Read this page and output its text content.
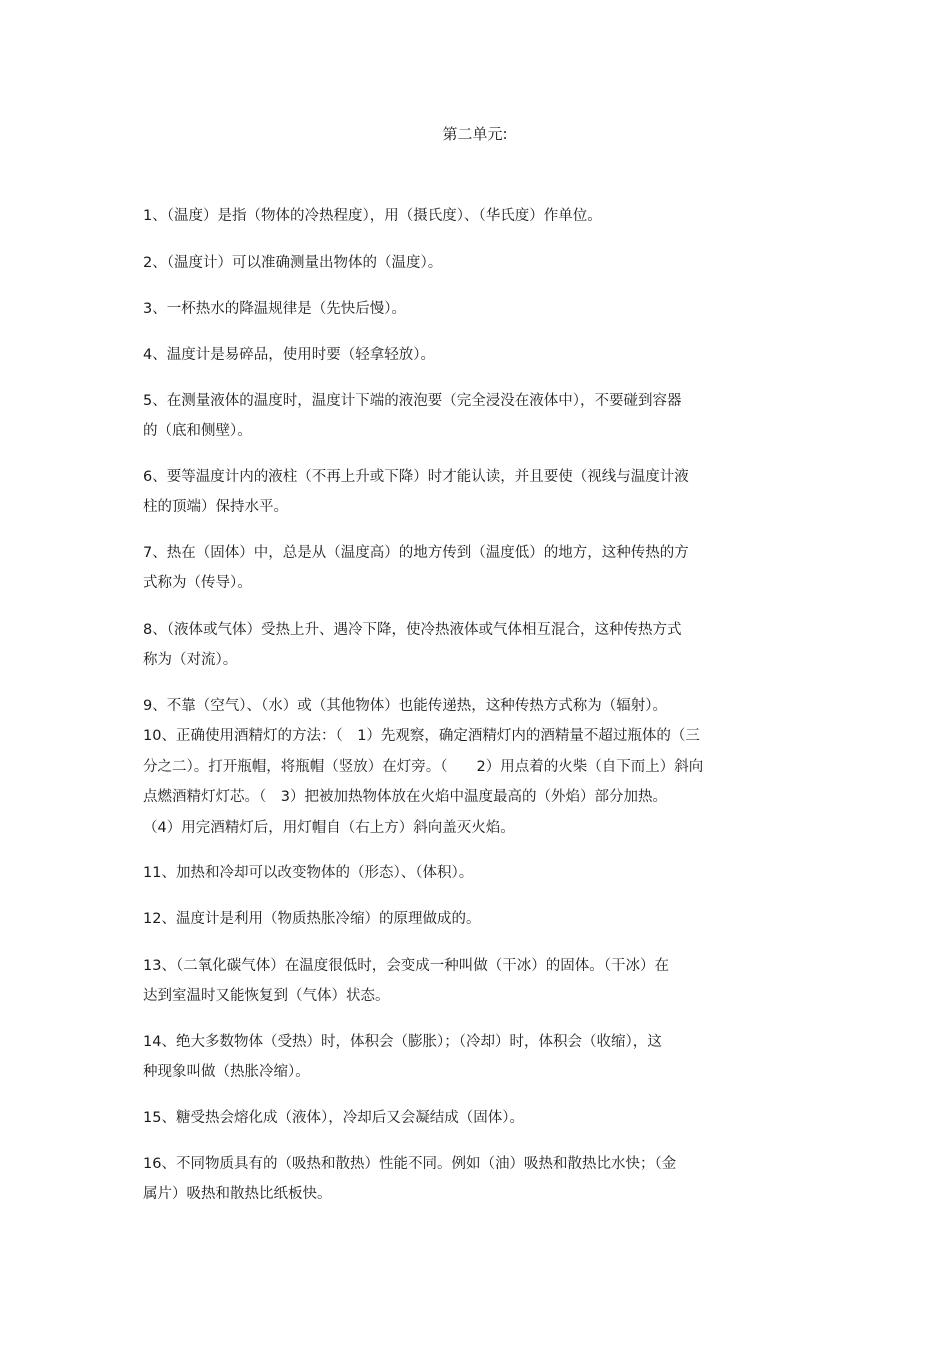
第二单元:
1、（温度）是指（物体的冷热程度），用（摄氏度）、（华氏度）作单位。
2、（温度计）可以准确测量出物体的（温度）。
3、一杯热水的降温规律是（先快后慢）。
4、温度计是易碎品，使用时要（轻拿轻放）。
5、在测量液体的温度时，温度计下端的液泡要（完全浸没在液体中），不要碰到容器
的（底和侧壁）。
6、要等温度计内的液柱（不再上升或下降）时才能认读，并且要使（视线与温度计液
柱的顶端）保持水平。
7、热在（固体）中，总是从（温度高）的地方传到（温度低）的地方，这种传热的方
式称为（传导）。
8、（液体或气体）受热上升、遇冷下降，使冷热液体或气体相互混合，这种传热方式
称为（对流）。
9、不靠（空气）、（水）或（其他物体）也能传递热，这种传热方式称为（辐射）。
10、正确使用酒精灯的方法：（　1）先观察，确定酒精灯内的酒精量不超过瓶体的（三
分之二）。打开瓶帽，将瓶帽（竖放）在灯旁。（　　2）用点着的火柴（自下而上）斜向
点燃酒精灯灯芯。（　3）把被加热物体放在火焰中温度最高的（外焰）部分加热。
（4）用完酒精灯后，用灯帽自（右上方）斜向盖灭火焰。
11、加热和冷却可以改变物体的（形态）、（体积）。
12、温度计是利用（物质热胀冷缩）的原理做成的。
13、（二氧化碳气体）在温度很低时，会变成一种叫做（干冰）的固体。（干冰）在
达到室温时又能恢复到（气体）状态。
14、绝大多数物体（受热）时，体积会（膨胀）；（冷却）时，体积会（收缩），这
种现象叫做（热胀冷缩）。
15、糖受热会熔化成（液体），冷却后又会凝结成（固体）。
16、不同物质具有的（吸热和散热）性能不同。例如（油）吸热和散热比水快；（金
属片）吸热和散热比纸板快。
